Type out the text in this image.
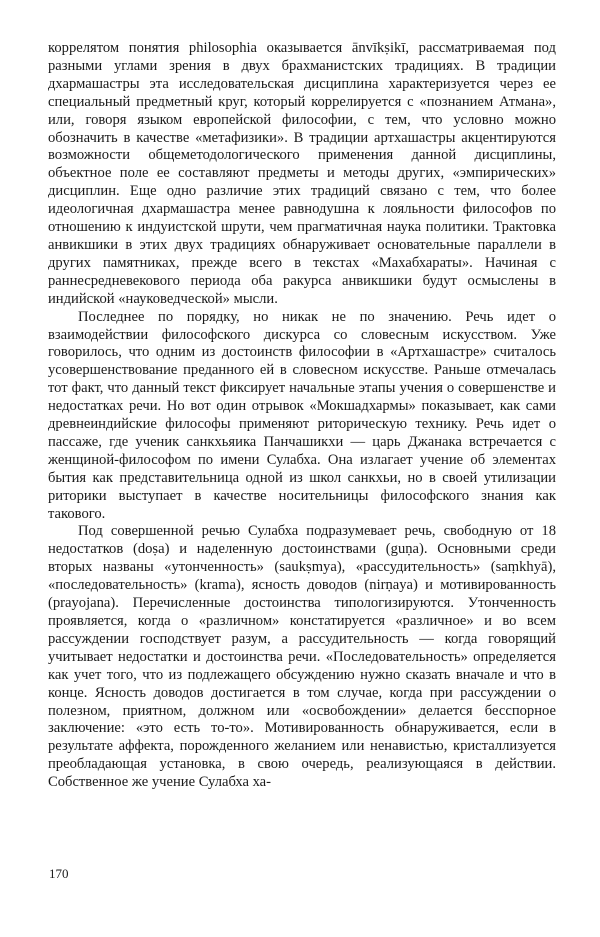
коррелятом понятия philosophia оказывается ānvīkṣikī, рассматриваемая под разными углами зрения в двух брахманистских традициях. В традиции дхармашастры эта исследовательская дисциплина характеризуется через ее специальный предметный круг, который коррелируется с «познанием Атмана», или, говоря языком европейской философии, с тем, что условно можно обозначить в качестве «метафизики». В традиции артхашастры акцентируются возможности общеметодологического применения данной дисциплины, объектное поле ее составляют предметы и методы других, «эмпирических» дисциплин. Еще одно различие этих традиций связано с тем, что более идеологичная дхармашастра менее равнодушна к лояльности философов по отношению к индуистской шрути, чем прагматичная наука политики. Трактовка анвикшики в этих двух традициях обнаруживает основательные параллели в других памятниках, прежде всего в текстах «Махабхараты». Начиная с раннесредневекового периода оба ракурса анвикшики будут осмыслены в индийской «науковедческой» мысли.

Последнее по порядку, но никак не по значению. Речь идет о взаимодействии философского дискурса со словесным искусством. Уже говорилось, что одним из достоинств философии в «Артхашастре» считалось усовершенствование преданного ей в словесном искусстве. Раньше отмечалась тот факт, что данный текст фиксирует начальные этапы учения о совершенстве и недостатках речи. Но вот один отрывок «Мокшадхармы» показывает, как сами древнеиндийские философы применяют риторическую технику. Речь идет о пассаже, где ученик санкхьяика Панчашикхи — царь Джанака встречается с женщиной-философом по имени Сулабха. Она излагает учение об элементах бытия как представительница одной из школ санкхьи, но в своей утилизации риторики выступает в качестве носительницы философского знания как такового.

Под совершенной речью Сулабха подразумевает речь, свободную от 18 недостатков (doṣa) и наделенную достоинствами (guṇa). Основными среди вторых названы «утонченность» (saukṣmya), «рассудительность» (saṃkhyā), «последовательность» (krama), ясность доводов (nirṇaya) и мотивированность (prayojana). Перечисленные достоинства типологизируются. Утонченность проявляется, когда о «различном» констатируется «различное» и во всем рассуждении господствует разум, а рассудительность — когда говорящий учитывает недостатки и достоинства речи. «Последовательность» определяется как учет того, что из подлежащего обсуждению нужно сказать вначале и что в конце. Ясность доводов достигается в том случае, когда при рассуждении о полезном, приятном, должном или «освобождении» делается бесспорное заключение: «это есть то-то». Мотивированность обнаруживается, если в результате аффекта, порожденного желанием или ненавистью, кристаллизуется преобладающая установка, в свою очередь, реализующаяся в действии. Собственное же учение Сулабха ха-

170
